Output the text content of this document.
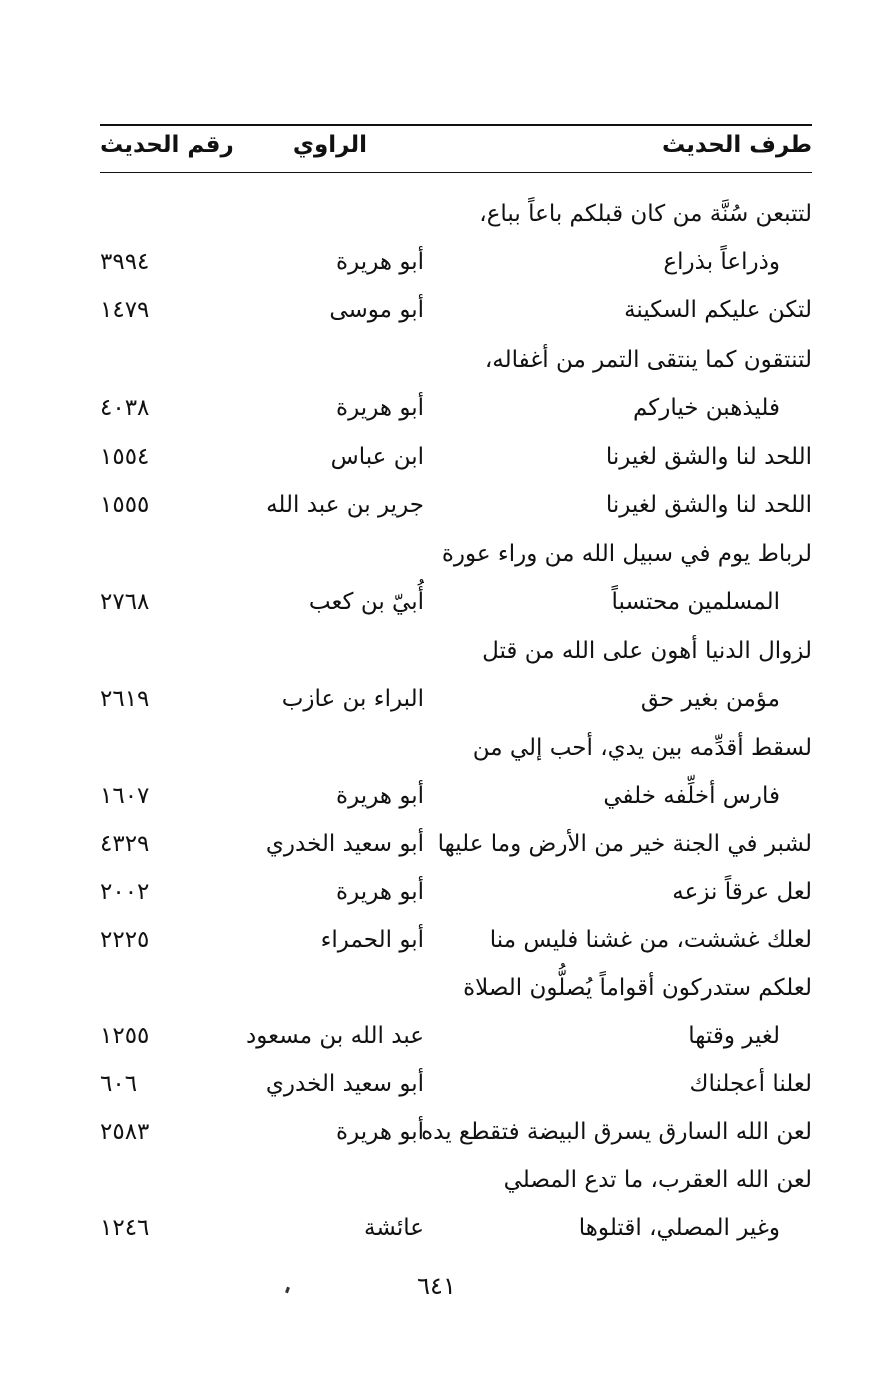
طرف الحديث
الراوي
رقم الحديث
لتتبعن سُنَّة من كان قبلكم باعاً بباع،
وذراعاً بذراع
أبو هريرة
٣٩٩٤
لتكن عليكم السكينة
أبو موسى
١٤٧٩
لتنتقون كما ينتقى التمر من أغفاله،
فليذهبن خياركم
أبو هريرة
٤٠٣٨
اللحد لنا والشق لغيرنا
ابن عباس
١٥٥٤
اللحد لنا والشق لغيرنا
جرير بن عبد الله
١٥٥٥
لرباط يوم في سبيل الله من وراء عورة
المسلمين محتسباً
أُبيّ بن كعب
٢٧٦٨
لزوال الدنيا أهون على الله من قتل
مؤمن بغير حق
البراء بن عازب
٢٦١٩
لسقط أقدِّمه بين يدي، أحب إلي من
فارس أخلِّفه خلفي
أبو هريرة
١٦٠٧
لشبر في الجنة خير من الأرض وما عليها
أبو سعيد الخدري
٤٣٢٩
لعل عرقاً نزعه
أبو هريرة
٢٠٠٢
لعلك غششت، من غشنا فليس منا
أبو الحمراء
٢٢٢٥
لعلكم ستدركون أقواماً يُصلُّون الصلاة
لغير وقتها
عبد الله بن مسعود
١٢٥٥
لعلنا أعجلناك
أبو سعيد الخدري
٦٠٦
لعن الله السارق يسرق البيضة فتقطع يده
أبو هريرة
٢٥٨٣
لعن الله العقرب، ما تدع المصلي
وغير المصلي، اقتلوها
عائشة
١٢٤٦
٦٤١
